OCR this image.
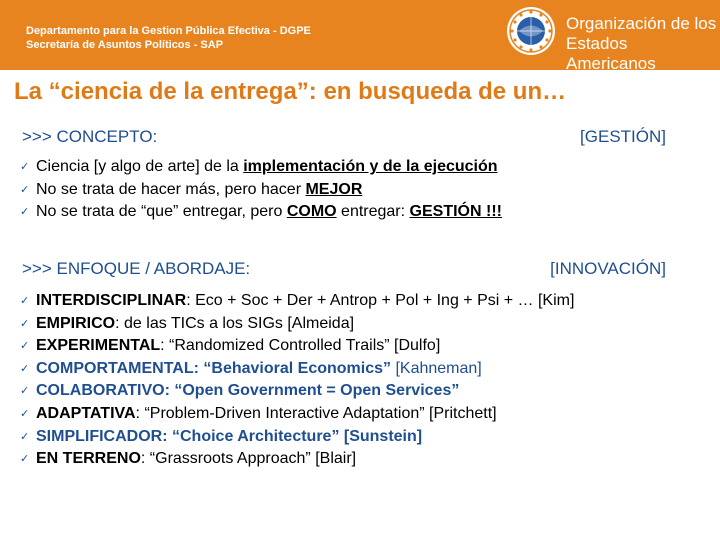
Departamento para la Gestion Pública Efectiva - DGPE
Secretaría de Asuntos Políticos - SAP
Organización de los
Estados Americanos
La “ciencia de la entrega”: en busqueda de un…
>>> CONCEPTO:	[GESTIÓN]
✓ Ciencia [y algo de arte] de la implementación y de la ejecución
✓ No se trata de hacer más, pero hacer MEJOR
✓ No se trata de “que” entregar, pero COMO entregar: GESTIÓN !!!
>>> ENFOQUE / ABORDAJE:	[INNOVACIÓN]
✓ INTERDISCIPLINAR: Eco + Soc + Der + Antrop + Pol + Ing + Psi + … [Kim]
✓ EMPIRICO: de las TICs a los SIGs [Almeida]
✓ EXPERIMENTAL: “Randomized Controlled Trails” [Dulfo]
✓ COMPORTAMENTAL: “Behavioral Economics” [Kahneman]
✓ COLABORATIVO: “Open Government = Open Services”
✓ ADAPTATIVA: “Problem-Driven Interactive Adaptation” [Pritchett]
✓ SIMPLIFICADOR: “Choice Architecture” [Sunstein]
✓ EN TERRENO: “Grassroots Approach” [Blair]
